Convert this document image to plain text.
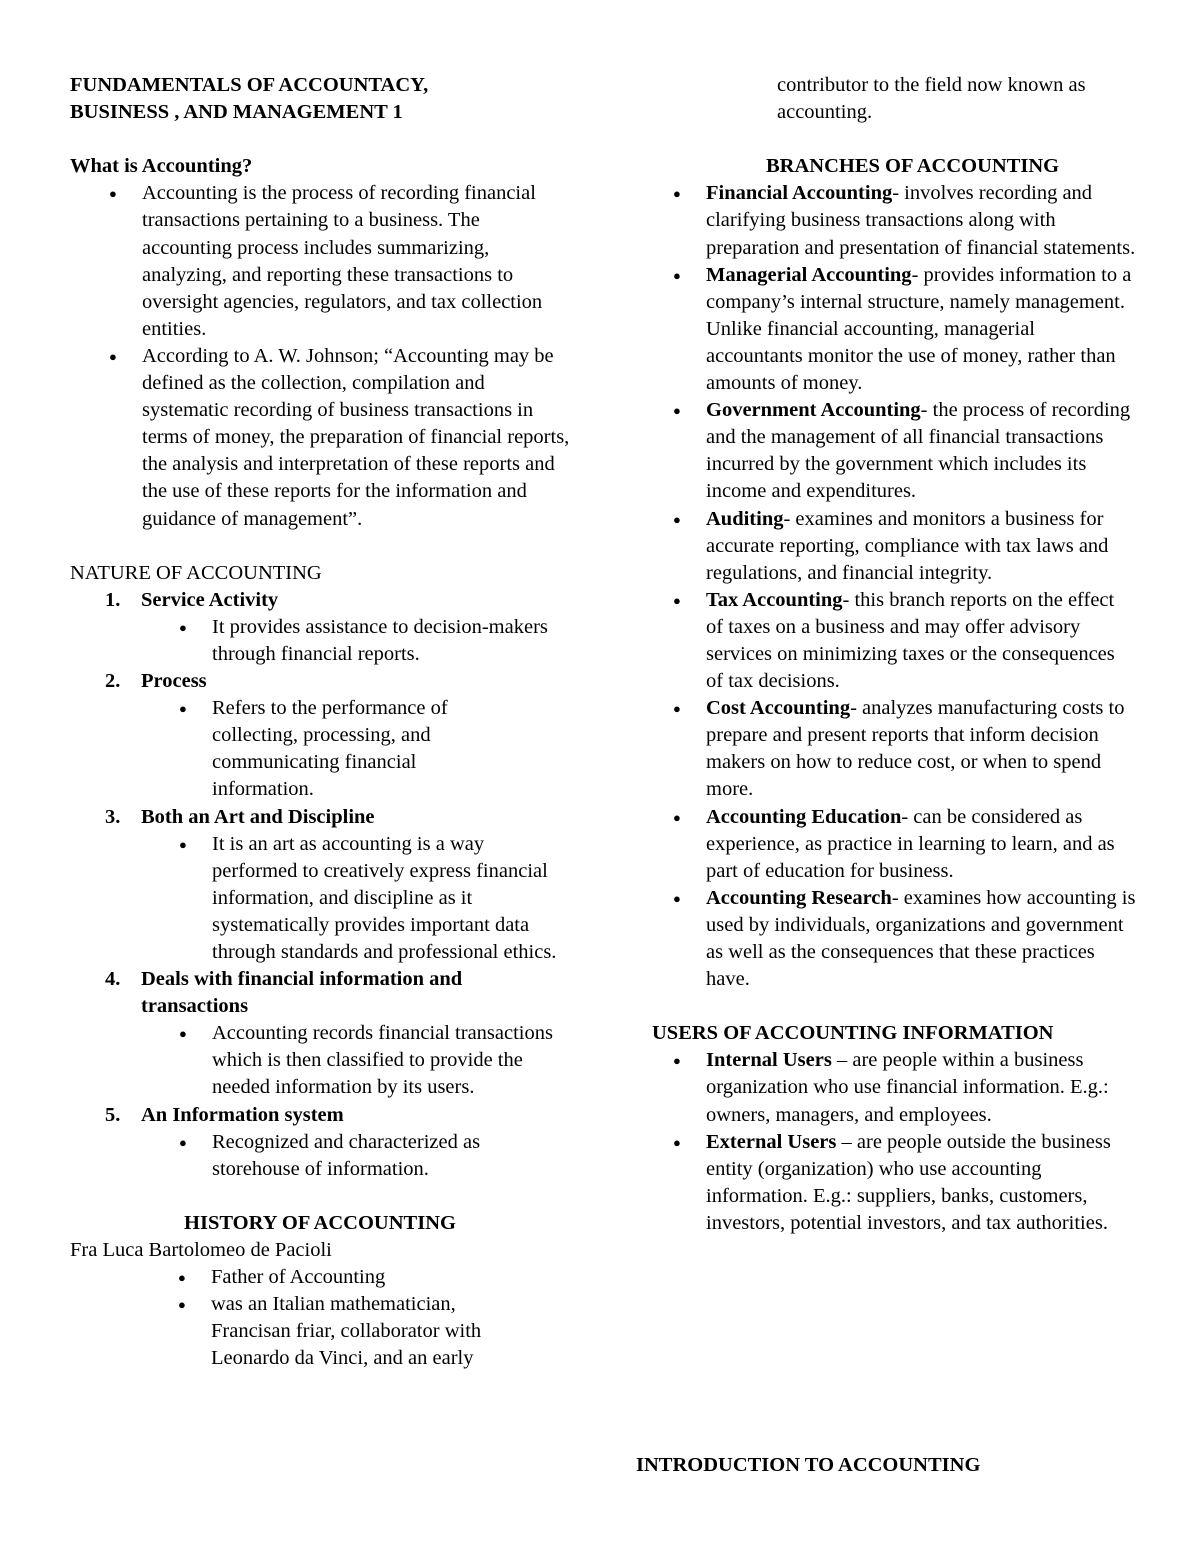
FUNDAMENTALS OF ACCOUNTACY,
BUSINESS , AND MANAGEMENT 1
What is Accounting?
● Accounting is the process of recording financial transactions pertaining to a business. The accounting process includes summarizing, analyzing, and reporting these transactions to oversight agencies, regulators, and tax collection entities.
● According to A. W. Johnson; “Accounting may be defined as the collection, compilation and systematic recording of business transactions in terms of money, the preparation of financial reports, the analysis and interpretation of these reports and the use of these reports for the information and guidance of management”.
NATURE OF ACCOUNTING
1. Service Activity
● It provides assistance to decision-makers through financial reports.
2. Process
● Refers to the performance of collecting, processing, and communicating financial information.
3. Both an Art and Discipline
● It is an art as accounting is a way performed to creatively express financial information, and discipline as it systematically provides important data through standards and professional ethics.
4. Deals with financial information and transactions
● Accounting records financial transactions which is then classified to provide the needed information by its users.
5. An Information system
● Recognized and characterized as storehouse of information.
HISTORY OF ACCOUNTING
Fra Luca Bartolomeo de Pacioli
● Father of Accounting
● was an Italian mathematician, Francisan friar, collaborator with Leonardo da Vinci, and an early
contributor to the field now known as accounting.
BRANCHES OF ACCOUNTING
● Financial Accounting- involves recording and clarifying business transactions along with preparation and presentation of financial statements.
● Managerial Accounting- provides information to a company’s internal structure, namely management. Unlike financial accounting, managerial accountants monitor the use of money, rather than amounts of money.
● Government Accounting- the process of recording and the management of all financial transactions incurred by the government which includes its income and expenditures.
● Auditing- examines and monitors a business for accurate reporting, compliance with tax laws and regulations, and financial integrity.
● Tax Accounting- this branch reports on the effect of taxes on a business and may offer advisory services on minimizing taxes or the consequences of tax decisions.
● Cost Accounting- analyzes manufacturing costs to prepare and present reports that inform decision makers on how to reduce cost, or when to spend more.
● Accounting Education- can be considered as experience, as practice in learning to learn, and as part of education for business.
● Accounting Research- examines how accounting is used by individuals, organizations and government as well as the consequences that these practices have.
USERS OF ACCOUNTING INFORMATION
● Internal Users – are people within a business organization who use financial information. E.g.: owners, managers, and employees.
● External Users – are people outside the business entity (organization) who use accounting information. E.g.: suppliers, banks, customers, investors, potential investors, and tax authorities.
INTRODUCTION TO ACCOUNTING
